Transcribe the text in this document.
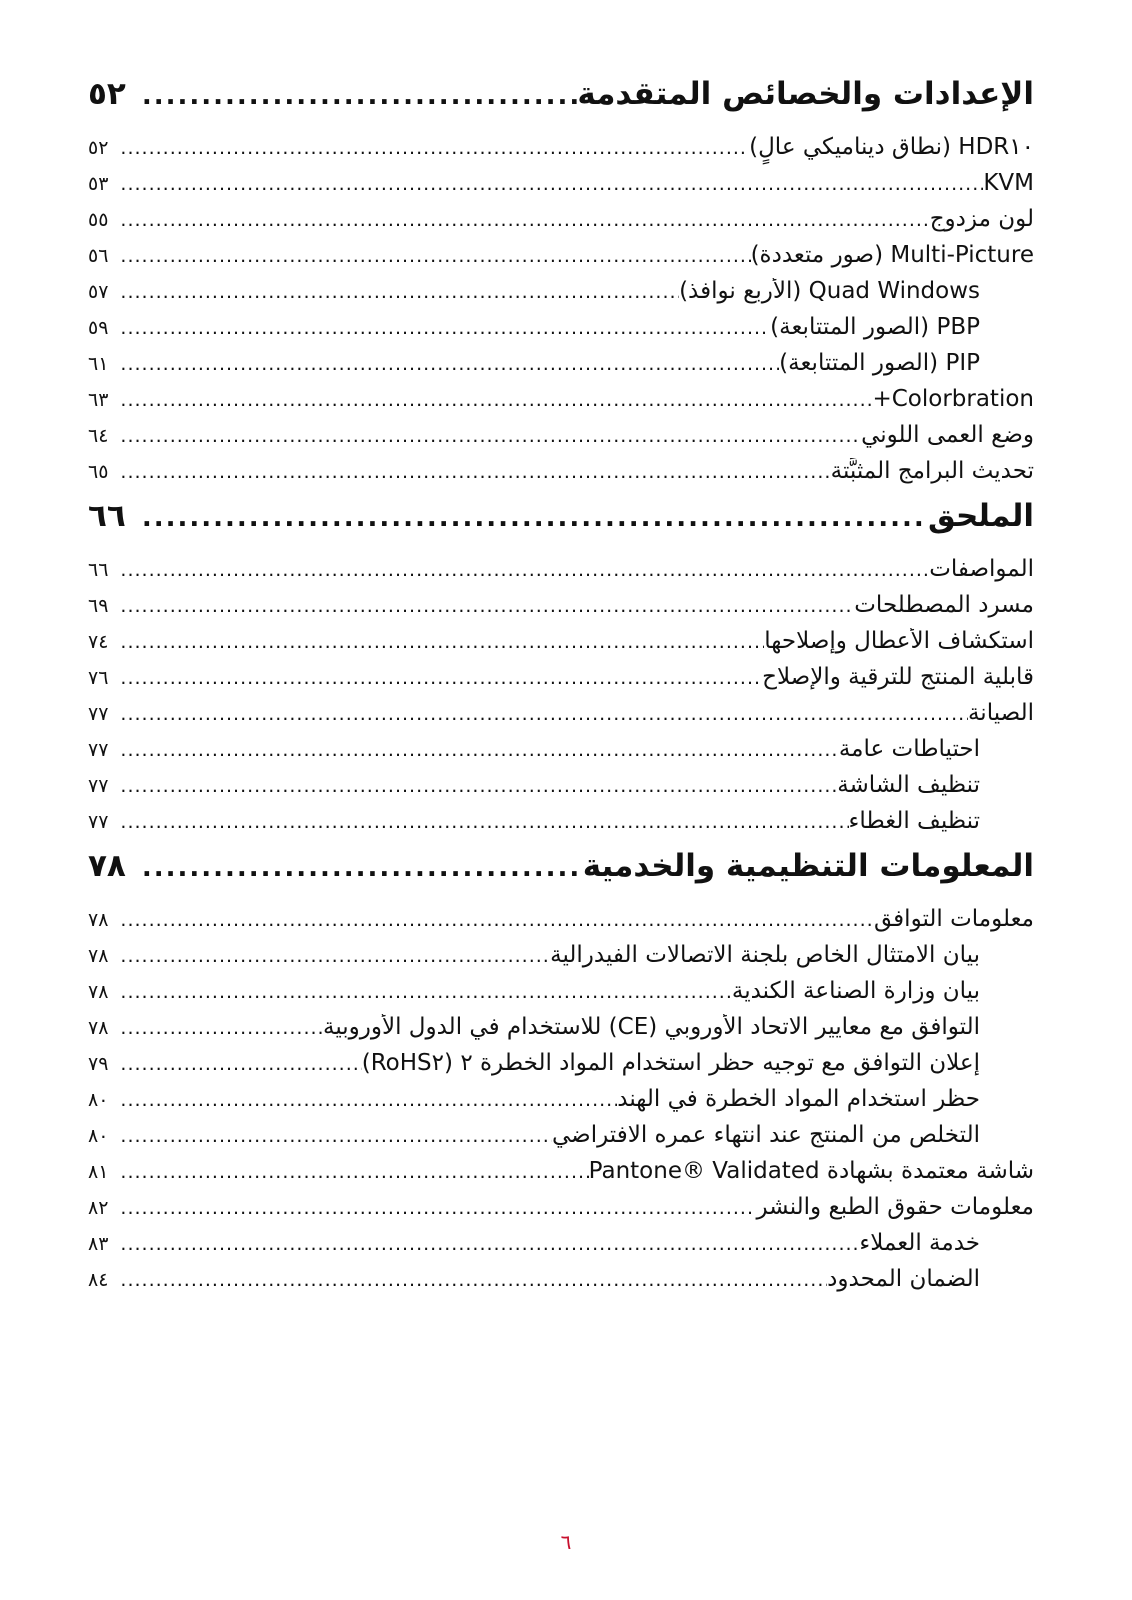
الإعدادات والخصائص المتقدمة
.....
٥٢
HDR١٠ (نطاق ديناميكي عالٍ)
.....
٥٢
KVM
.....
٥٣
لون مزدوج
.....
٥٥
Multi-Picture (صور متعددة)
.....
٥٦
Quad Windows (الأربع نوافذ)
.....
٥٧
PBP (الصور المتتابعة)
.....
٥٩
PIP (الصور المتتابعة)
.....
٦١
Colorbration+
.....
٦٣
وضع العمى اللوني
.....
٦٤
تحديث البرامج المثبَّتة
.....
٦٥
الملحق
.....
٦٦
المواصفات
.....
٦٦
مسرد المصطلحات
.....
٦٩
استكشاف الأعطال وإصلاحها
.....
٧٤
قابلية المنتج للترقية والإصلاح
.....
٧٦
الصيانة
.....
٧٧
احتياطات عامة
.....
٧٧
تنظيف الشاشة
.....
٧٧
تنظيف الغطاء
.....
٧٧
المعلومات التنظيمية والخدمية
.....
٧٨
معلومات التوافق
.....
٧٨
بيان الامتثال الخاص بلجنة الاتصالات الفيدرالية
.....
٧٨
بيان وزارة الصناعة الكندية
.....
٧٨
التوافق مع معايير الاتحاد الأوروبي (CE) للاستخدام في الدول الأوروبية
.....
٧٨
إعلان التوافق مع توجيه حظر استخدام المواد الخطرة ٢ (RoHS٢)
.....
٧٩
حظر استخدام المواد الخطرة في الهند
.....
٨٠
التخلص من المنتج عند انتهاء عمره الافتراضي
.....
٨٠
شاشة معتمدة بشهادة Pantone® Validated
.....
٨١
معلومات حقوق الطبع والنشر
.....
٨٢
خدمة العملاء
.....
٨٣
الضمان المحدود
.....
٨٤
٦
